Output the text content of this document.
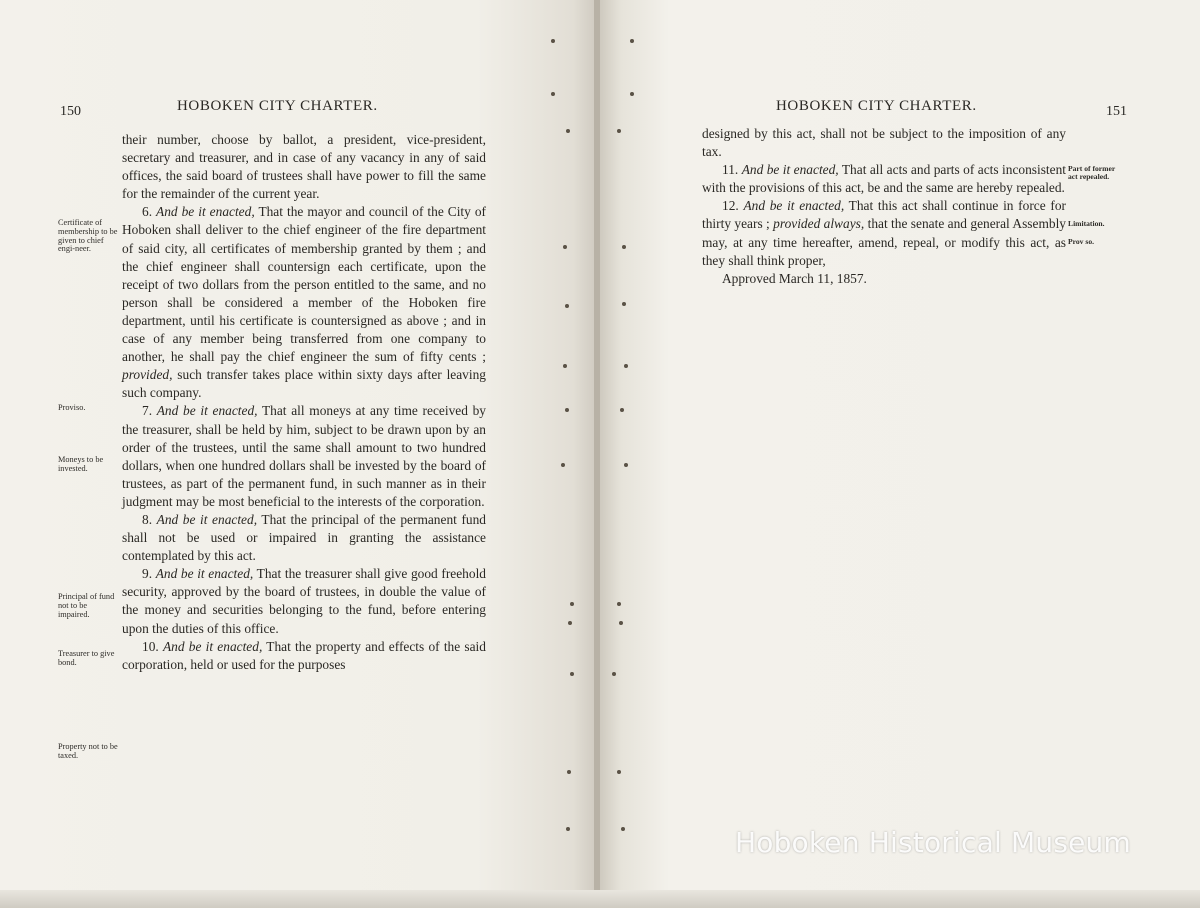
150	HOBOKEN CITY CHARTER.
Certificate of membership to be given to chief engi-neer.
Proviso.
Moneys to be invested.
Principal of fund not to be impaired.
Treasurer to give bond.
Property not to be taxed.

their number, choose by ballot, a president, vice-president, secretary and treasurer, and in case of any vacancy in any of said offices, the said board of trustees shall have power to fill the same for the remainder of the current year.

6. And be it enacted, That the mayor and council of the City of Hoboken shall deliver to the chief engineer of the fire department of said city, all certificates of membership granted by them ; and the chief engineer shall countersign each certificate, upon the receipt of two dollars from the person entitled to the same, and no person shall be considered a member of the Hoboken fire department, until his certificate is countersigned as above ; and in case of any member being transferred from one company to another, he shall pay the chief engineer the sum of fifty cents ; provided, such transfer takes place within sixty days after leaving such company.

7. And be it enacted, That all moneys at any time received by the treasurer, shall be held by him, subject to be drawn upon by an order of the trustees, until the same shall amount to two hundred dollars, when one hundred dollars shall be invested by the board of trustees, as part of the permanent fund, in such manner as in their judgment may be most beneficial to the interests of the corporation.

8. And be it enacted, That the principal of the permanent fund shall not be used or impaired in granting the assistance contemplated by this act.

9. And be it enacted, That the treasurer shall give good freehold security, approved by the board of trustees, in double the value of the money and securities belonging to the fund, before entering upon the duties of this office.

10. And be it enacted, That the property and effects of the said corporation, held or used for the purposes

HOBOKEN CITY CHARTER.	151
Part of former act repealed.
Limitation.
Prov so.

designed by this act, shall not be subject to the imposition of any tax.

11. And be it enacted, That all acts and parts of acts inconsistent with the provisions of this act, be and the same are hereby repealed.

12. And be it enacted, That this act shall continue in force for thirty years ; provided always, that the senate and general Assembly may, at any time hereafter, amend, repeal, or modify this act, as they shall think proper,

Approved March 11, 1857.

Hoboken Historical Museum
